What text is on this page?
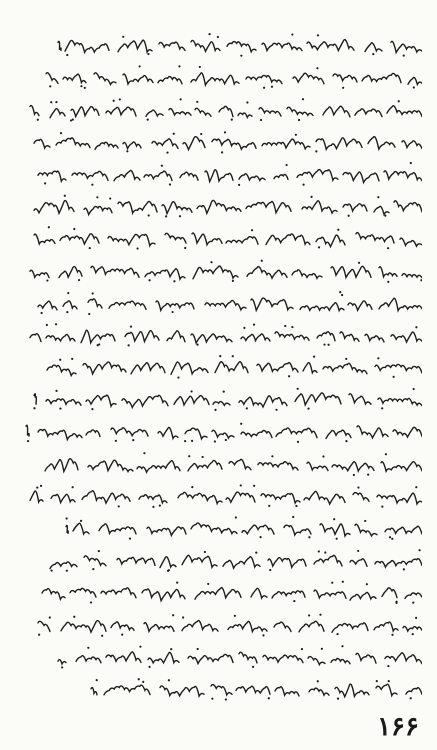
۱۶۶
